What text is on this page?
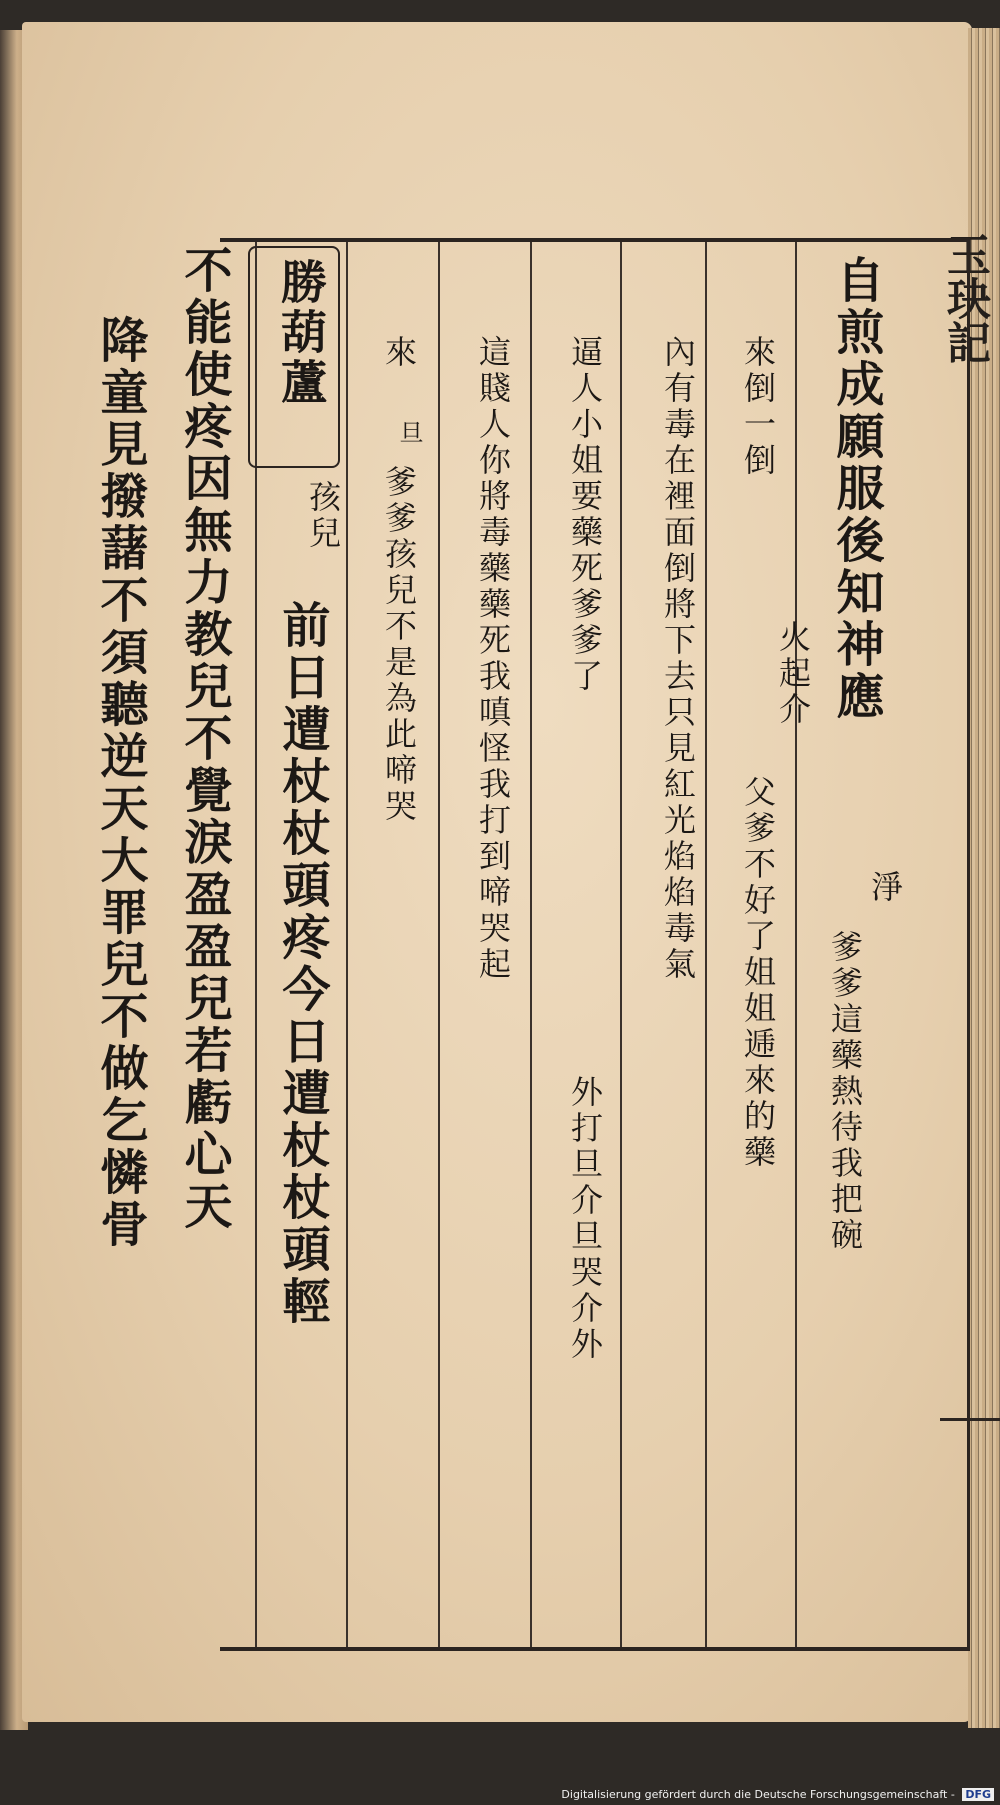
玉玦記
自煎成願服後知神應
淨
爹爹這藥熱待我把碗
來倒一倒
火起介
父爹不好了姐姐逓來的藥
內有毒在裡面倒將下去只見紅光焰焰毒氣
逼人小姐要藥死爹爹了
外打旦介旦哭介外
這賤人你將毒藥藥死我嗔怪我打到啼哭起
來
旦
爹爹孩兒不是為此啼哭
勝葫蘆
孩兒
前日遭杖杖頭疼今日遭杖杖頭輕
不能使疼因無力教兒不覺淚盈盈兒若虧心天
降童見撥藷不須聽逆天大罪兒不做乞憐骨
Digitalisierung gefördert durch die Deutsche Forschungsgemeinschaft - DFG
